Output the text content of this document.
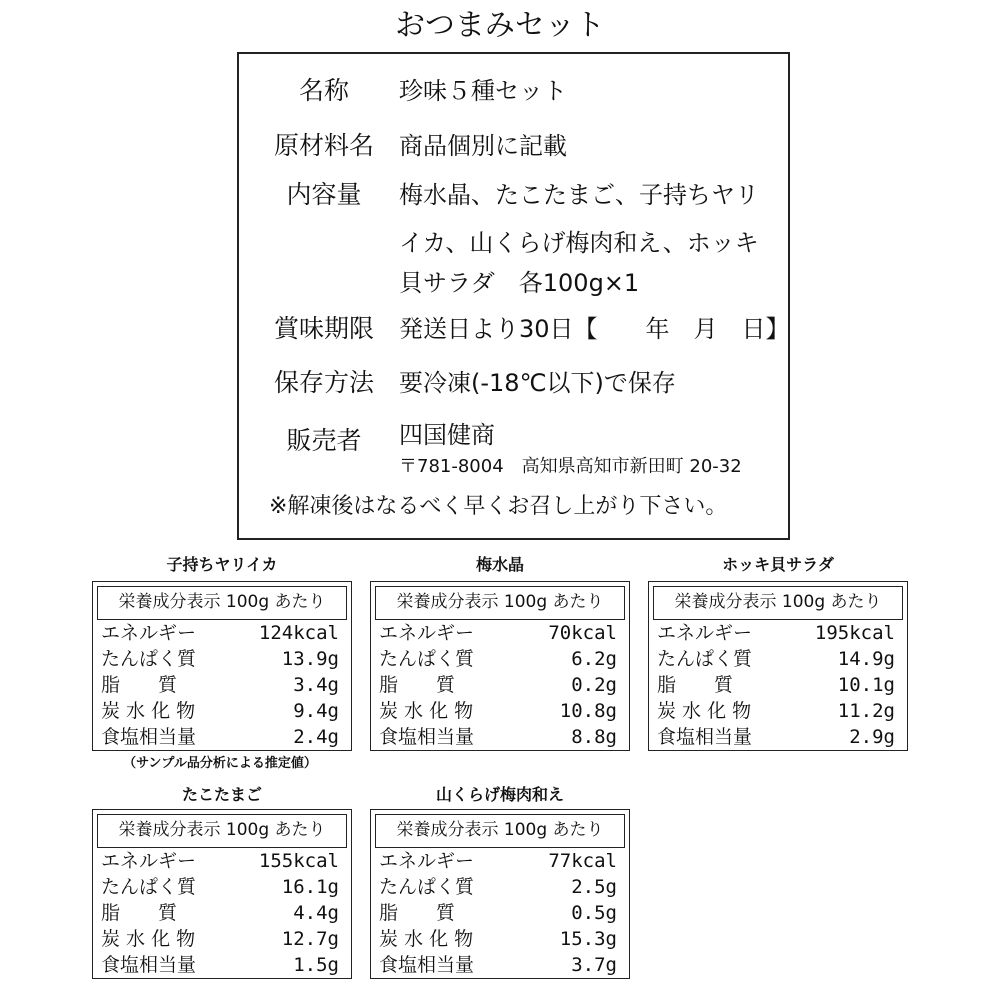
おつまみセット
名称	珍味５種セット
原材料名	商品個別に記載
内容量	梅水晶、たこたまご、子持ちヤリ
イカ、山くらげ梅肉和え、ホッキ
貝サラダ　各100g×1
賞味期限	発送日より30日【　　年　月　日】
保存方法	要冷凍(-18℃以下)で保存
販売者	四国健商
〒781-8004　高知県高知市新田町 20-32
※解凍後はなるべく早くお召し上がり下さい。
子持ちヤリイカ
栄養成分表示 100g あたり
エネルギー	124kcal
たんぱく質	13.9g
脂　　質	3.4g
炭 水 化 物	9.4g
食塩相当量	2.4g
梅水晶
栄養成分表示 100g あたり
エネルギー	70kcal
たんぱく質	6.2g
脂　　質	0.2g
炭 水 化 物	10.8g
食塩相当量	8.8g
ホッキ貝サラダ
栄養成分表示 100g あたり
エネルギー	195kcal
たんぱく質	14.9g
脂　　質	10.1g
炭 水 化 物	11.2g
食塩相当量	2.9g
（サンプル品分析による推定値）
たこたまご
栄養成分表示 100g あたり
エネルギー	155kcal
たんぱく質	16.1g
脂　　質	4.4g
炭 水 化 物	12.7g
食塩相当量	1.5g
山くらげ梅肉和え
栄養成分表示 100g あたり
エネルギー	77kcal
たんぱく質	2.5g
脂　　質	0.5g
炭 水 化 物	15.3g
食塩相当量	3.7g
